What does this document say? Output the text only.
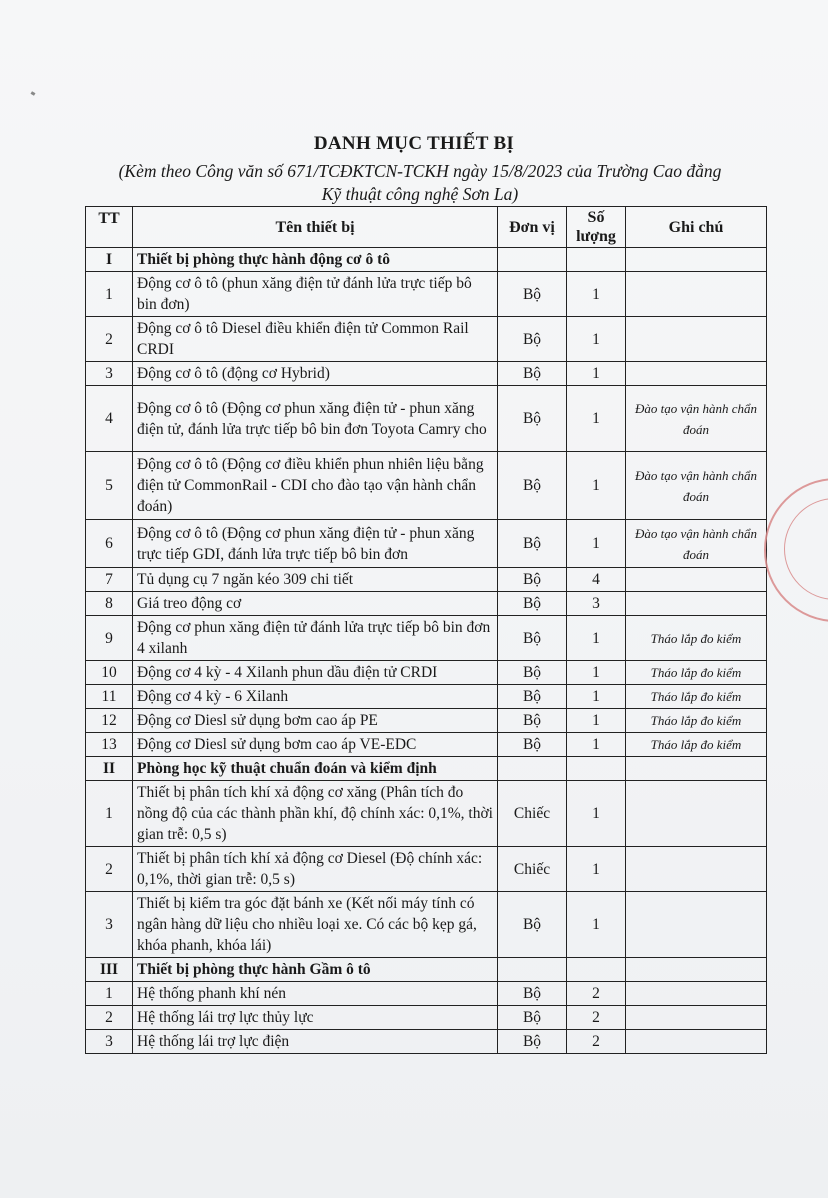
DANH MỤC THIẾT BỊ
(Kèm theo Công văn số 671/TCĐKTCN-TCKH ngày 15/8/2023 của Trường Cao đẳng
Kỹ thuật công nghệ Sơn La)
TT	Tên thiết bị	Đơn vị	Số lượng	Ghi chú
I	Thiết bị phòng thực hành động cơ ô tô			
1	Động cơ ô tô (phun xăng điện tử đánh lửa trực tiếp bô bin đơn)	Bộ	1	
2	Động cơ ô tô Diesel điều khiển điện tử Common Rail CRDI	Bộ	1	
3	Động cơ ô tô (động cơ Hybrid)	Bộ	1	
4	Động cơ ô tô (Động cơ phun xăng điện tử - phun xăng điện tử, đánh lửa trực tiếp bô bin đơn Toyota Camry cho	Bộ	1	Đào tạo vận hành chẩn đoán
5	Động cơ ô tô (Động cơ điều khiển phun nhiên liệu bằng điện tử CommonRail - CDI cho đào tạo vận hành chẩn đoán)	Bộ	1	Đào tạo vận hành chẩn đoán
6	Động cơ ô tô (Động cơ phun xăng điện tử - phun xăng trực tiếp GDI, đánh lửa trực tiếp bô bin đơn	Bộ	1	Đào tạo vận hành chẩn đoán
7	Tủ dụng cụ 7 ngăn kéo 309 chi tiết	Bộ	4	
8	Giá treo động cơ	Bộ	3	
9	Động cơ phun xăng điện tử đánh lửa trực tiếp bô bin đơn 4 xilanh	Bộ	1	Tháo lắp đo kiểm
10	Động cơ 4 kỳ - 4 Xilanh phun dầu điện tử CRDI	Bộ	1	Tháo lắp đo kiểm
11	Động cơ 4 kỳ - 6 Xilanh	Bộ	1	Tháo lắp đo kiểm
12	Động cơ Diesl sử dụng bơm cao áp PE	Bộ	1	Tháo lắp đo kiểm
13	Động cơ Diesl sử dụng bơm cao áp VE-EDC	Bộ	1	Tháo lắp đo kiểm
II	Phòng học kỹ thuật chuẩn đoán và kiểm định			
1	Thiết bị phân tích khí xả động cơ xăng (Phân tích đo nồng độ của các thành phần khí, độ chính xác: 0,1%, thời gian trễ: 0,5 s)	Chiếc	1	
2	Thiết bị phân tích khí xả động cơ Diesel (Độ chính xác: 0,1%, thời gian trễ: 0,5 s)	Chiếc	1	
3	Thiết bị kiểm tra góc đặt bánh xe (Kết nối máy tính có ngân hàng dữ liệu cho nhiều loại xe. Có các bộ kẹp gá, khóa phanh, khóa lái)	Bộ	1	
III	Thiết bị phòng thực hành Gầm ô tô			
1	Hệ thống phanh khí nén	Bộ	2	
2	Hệ thống lái trợ lực thủy lực	Bộ	2	
3	Hệ thống lái trợ lực điện	Bộ	2	
